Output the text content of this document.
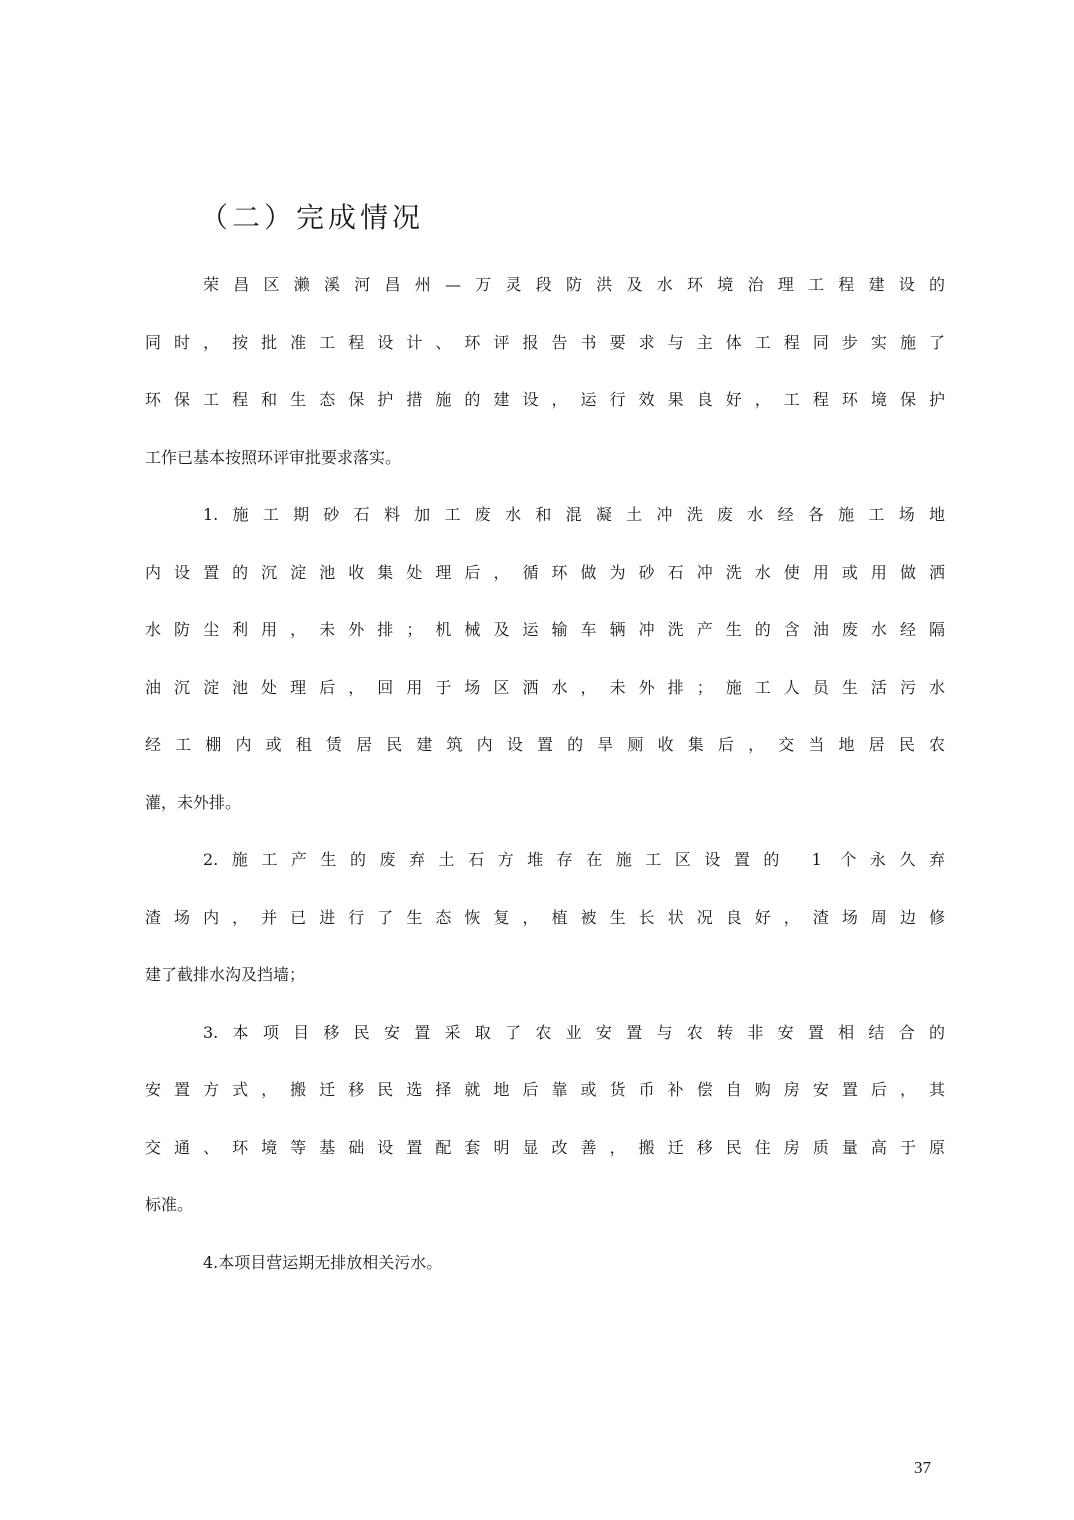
（二）完成情况
荣昌区濑溪河昌州—万灵段防洪及水环境治理工程建设的
同时，按批准工程设计、环评报告书要求与主体工程同步实施了
环保工程和生态保护措施的建设，运行效果良好，工程环境保护
工作已基本按照环评审批要求落实。
1.施工期砂石料加工废水和混凝土冲洗废水经各施工场地
内设置的沉淀池收集处理后，循环做为砂石冲洗水使用或用做洒
水防尘利用，未外排；机械及运输车辆冲洗产生的含油废水经隔
油沉淀池处理后，回用于场区洒水，未外排；施工人员生活污水
经工棚内或租赁居民建筑内设置的旱厕收集后，交当地居民农
灌，未外排。
2.施工产生的废弃土石方堆存在施工区设置的 1 个永久弃
渣场内，并已进行了生态恢复，植被生长状况良好，渣场周边修
建了截排水沟及挡墙；
3.本项目移民安置采取了农业安置与农转非安置相结合的
安置方式，搬迁移民选择就地后靠或货币补偿自购房安置后，其
交通、环境等基础设置配套明显改善，搬迁移民住房质量高于原
标准。
4.本项目营运期无排放相关污水。
37
